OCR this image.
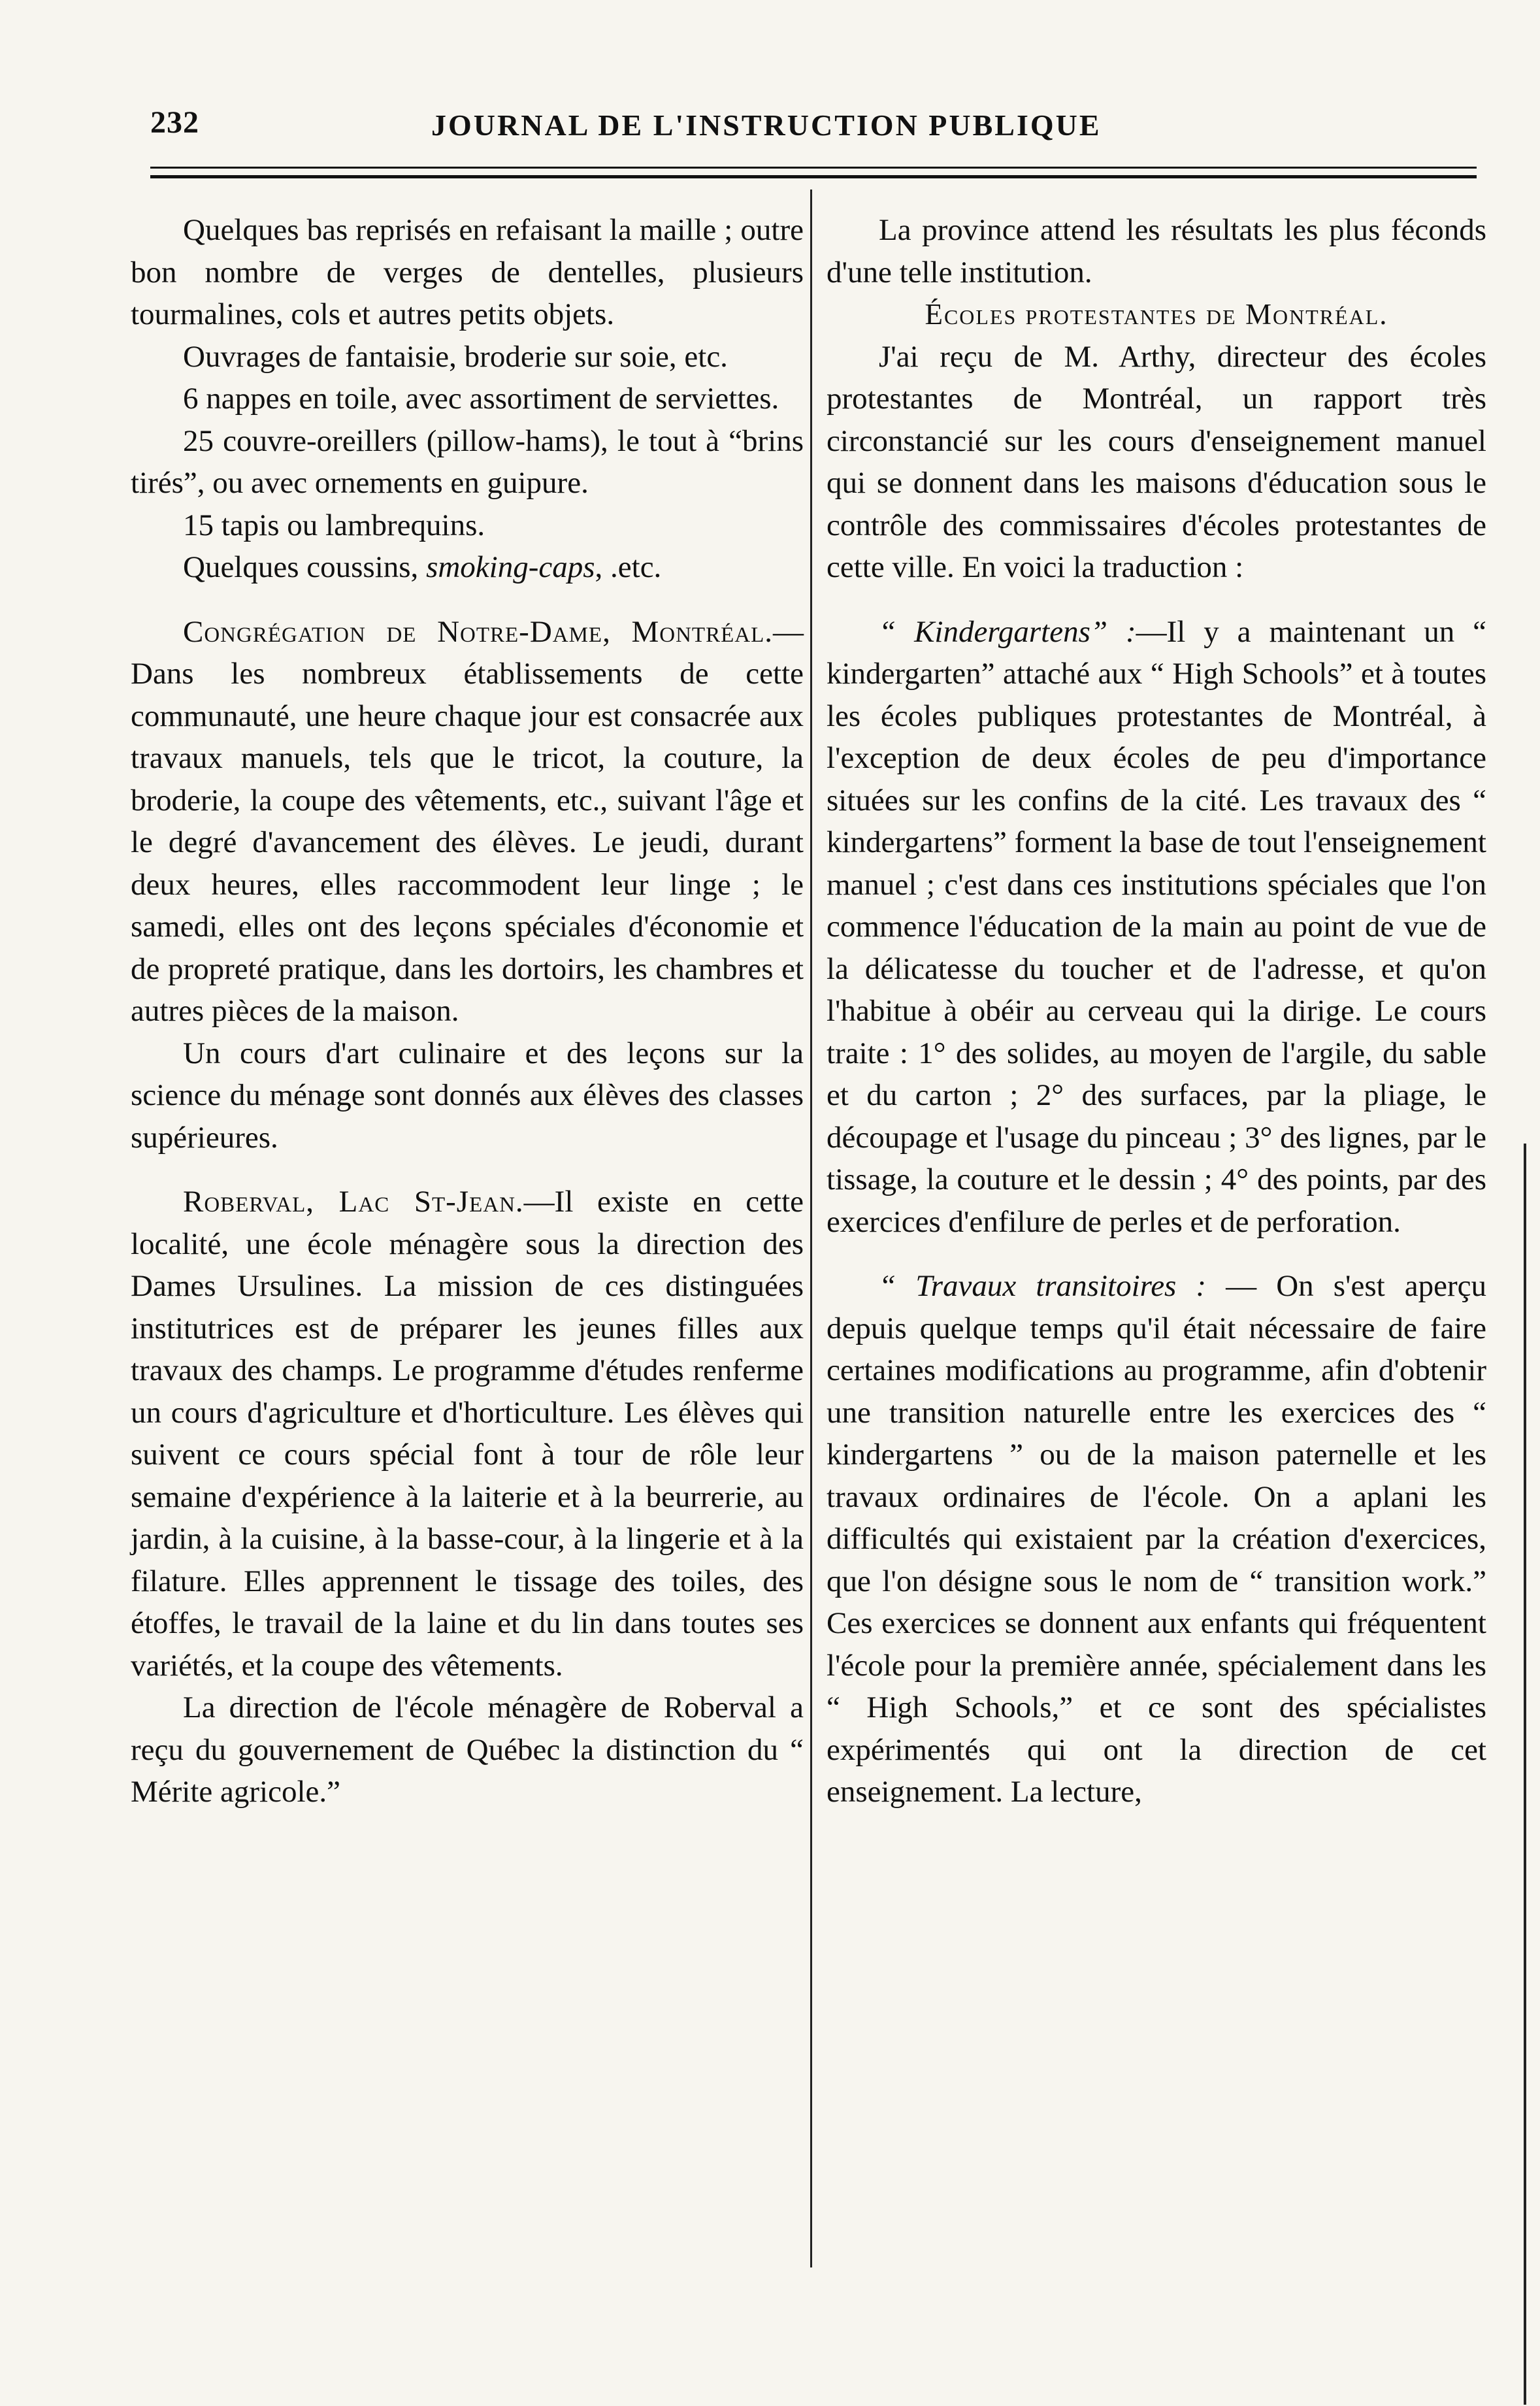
232	JOURNAL DE L'INSTRUCTION PUBLIQUE

Quelques bas reprisés en refaisant la maille ; outre bon nombre de verges de dentelles, plusieurs tourmalines, cols et autres petits objets.

Ouvrages de fantaisie, broderie sur soie, etc.

6 nappes en toile, avec assortiment de serviettes.

25 couvre-oreillers (pillow-hams), le tout à “brins tirés”, ou avec ornements en guipure.

15 tapis ou lambrequins.

Quelques coussins, smoking-caps, .etc.

Congrégation de Notre-Dame, Montréal.—Dans les nombreux établissements de cette communauté, une heure chaque jour est consacrée aux travaux manuels, tels que le tricot, la couture, la broderie, la coupe des vêtements, etc., suivant l'âge et le degré d'avancement des élèves. Le jeudi, durant deux heures, elles raccommodent leur linge ; le samedi, elles ont des leçons spéciales d'économie et de propreté pratique, dans les dortoirs, les chambres et autres pièces de la maison.

Un cours d'art culinaire et des leçons sur la science du ménage sont donnés aux élèves des classes supérieures.

Roberval, Lac St-Jean.—Il existe en cette localité, une école ménagère sous la direction des Dames Ursulines. La mission de ces distinguées institutrices est de préparer les jeunes filles aux travaux des champs. Le programme d'études renferme un cours d'agriculture et d'horticulture. Les élèves qui suivent ce cours spécial font à tour de rôle leur semaine d'expérience à la laiterie et à la beurrerie, au jardin, à la cuisine, à la basse-cour, à la lingerie et à la filature. Elles apprennent le tissage des toiles, des étoffes, le travail de la laine et du lin dans toutes ses variétés, et la coupe des vêtements.

La direction de l'école ménagère de Roberval a reçu du gouvernement de Québec la distinction du “ Mérite agricole.”

La province attend les résultats les plus féconds d'une telle institution.

Écoles protestantes de Montréal.

J'ai reçu de M. Arthy, directeur des écoles protestantes de Montréal, un rapport très circonstancié sur les cours d'enseignement manuel qui se donnent dans les maisons d'éducation sous le contrôle des commissaires d'écoles protestantes de cette ville. En voici la traduction :

“ Kindergartens” :—Il y a maintenant un “ kindergarten” attaché aux “ High Schools” et à toutes les écoles publiques protestantes de Montréal, à l'exception de deux écoles de peu d'importance situées sur les confins de la cité. Les travaux des “ kindergartens” forment la base de tout l'enseignement manuel ; c'est dans ces institutions spéciales que l'on commence l'éducation de la main au point de vue de la délicatesse du toucher et de l'adresse, et qu'on l'habitue à obéir au cerveau qui la dirige. Le cours traite : 1° des solides, au moyen de l'argile, du sable et du carton ; 2° des surfaces, par la pliage, le découpage et l'usage du pinceau ; 3° des lignes, par le tissage, la couture et le dessin ; 4° des points, par des exercices d'enfilure de perles et de perforation.

“ Travaux transitoires : — On s'est aperçu depuis quelque temps qu'il était nécessaire de faire certaines modifications au programme, afin d'obtenir une transition naturelle entre les exercices des “ kindergartens ” ou de la maison paternelle et les travaux ordinaires de l'école. On a aplani les difficultés qui existaient par la création d'exercices, que l'on désigne sous le nom de “ transition work.” Ces exercices se donnent aux enfants qui fréquentent l'école pour la première année, spécialement dans les “ High Schools,” et ce sont des spécialistes expérimentés qui ont la direction de cet enseignement. La lecture,
